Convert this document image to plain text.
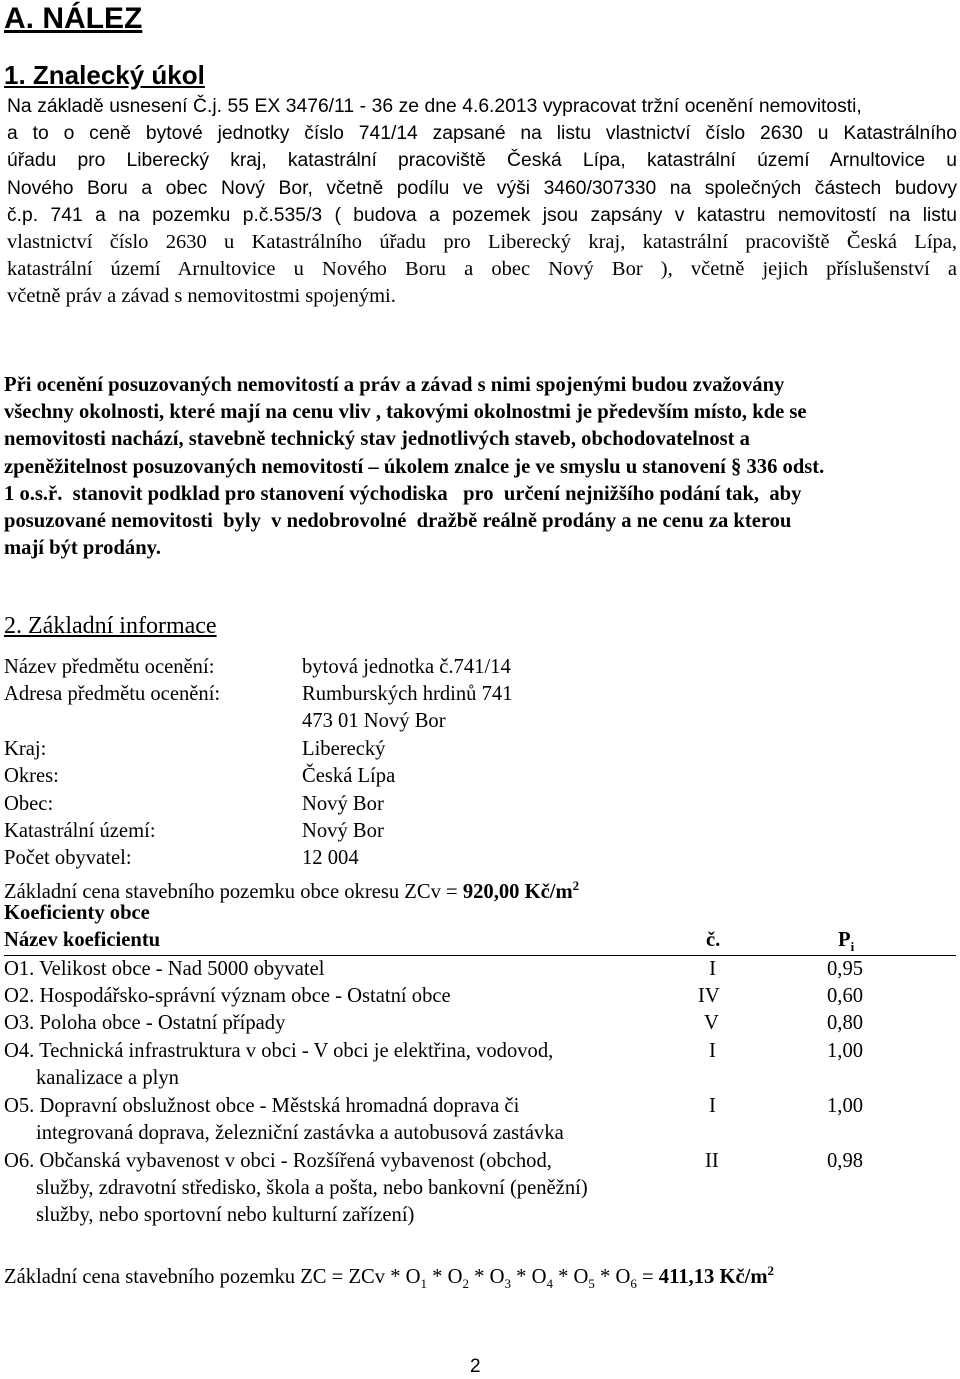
A. NÁLEZ
1. Znalecký úkol
Na základě usnesení Č.j. 55 EX 3476/11 - 36 ze dne 4.6.2013 vypracovat tržní ocenění nemovitosti,
a to o ceně bytové jednotky číslo 741/14 zapsané na listu vlastnictví číslo 2630 u Katastrálního
úřadu pro Liberecký kraj, katastrální pracoviště Česká Lípa, katastrální území Arnultovice u
Nového Boru a obec Nový Bor, včetně podílu ve výši 3460/307330 na společných částech budovy
č.p. 741 a na pozemku p.č.535/3 ( budova a pozemek jsou zapsány v katastru nemovitostí na listu
vlastnictví číslo 2630 u Katastrálního úřadu pro Liberecký kraj, katastrální pracoviště Česká Lípa,
katastrální území Arnultovice u Nového Boru a obec Nový Bor ), včetně jejich příslušenství a
včetně práv a závad s nemovitostmi spojenými.
Při ocenění posuzovaných nemovitostí a práv a závad s nimi spojenými budou zvažovány
všechny okolnosti, které mají na cenu vliv , takovými okolnostmi je především místo, kde se
nemovitosti nachází, stavebně technický stav jednotlivých staveb, obchodovatelnost a
zpeněžitelnost posuzovaných nemovitostí – úkolem znalce je ve smyslu u stanovení § 336 odst.
1 o.s.ř.  stanovit podklad pro stanovení východiska   pro  určení nejnižšího podání tak,  aby
posuzované nemovitosti  byly  v nedobrovolné  dražbě reálně prodány a ne cenu za kterou
mají být prodány.
2. Základní informace
Název předmětu ocenění:	bytová jednotka č.741/14
Adresa předmětu ocenění:	Rumburských hrdinů 741
473 01 Nový Bor
Kraj:	Liberecký
Okres:	Česká Lípa
Obec:	Nový Bor
Katastrální území:	Nový Bor
Počet obyvatel:	12 004
Základní cena stavebního pozemku obce okresu ZCv = 920,00 $Kč/m^2$
Koeficienty obce
Název koeficientu	č.	$P_i$
O1. Velikost obce - Nad 5000 obyvatel	I	0,95
O2. Hospodářsko-správní význam obce - Ostatní obce	IV	0,60
O3. Poloha obce - Ostatní případy	V	0,80
O4. Technická infrastruktura v obci - V obci je elektřina, vodovod,
kanalizace a plyn
I	1,00
O5. Dopravní obslužnost obce - Městská hromadná doprava či
integrovaná doprava, železniční zastávka a autobusová zastávka
I	1,00
O6. Občanská vybavenost v obci - Rozšířená vybavenost (obchod,
služby, zdravotní středisko, škola a pošta, nebo bankovní (peněžní)
služby, nebo sportovní nebo kulturní zařízení)
II	0,98
Základní cena stavebního pozemku ZC = ZCv * $O_1 * O_2 * O_3 * O_4 * O_5 * O_6 = 411,13$ $Kč/m^2$
2
